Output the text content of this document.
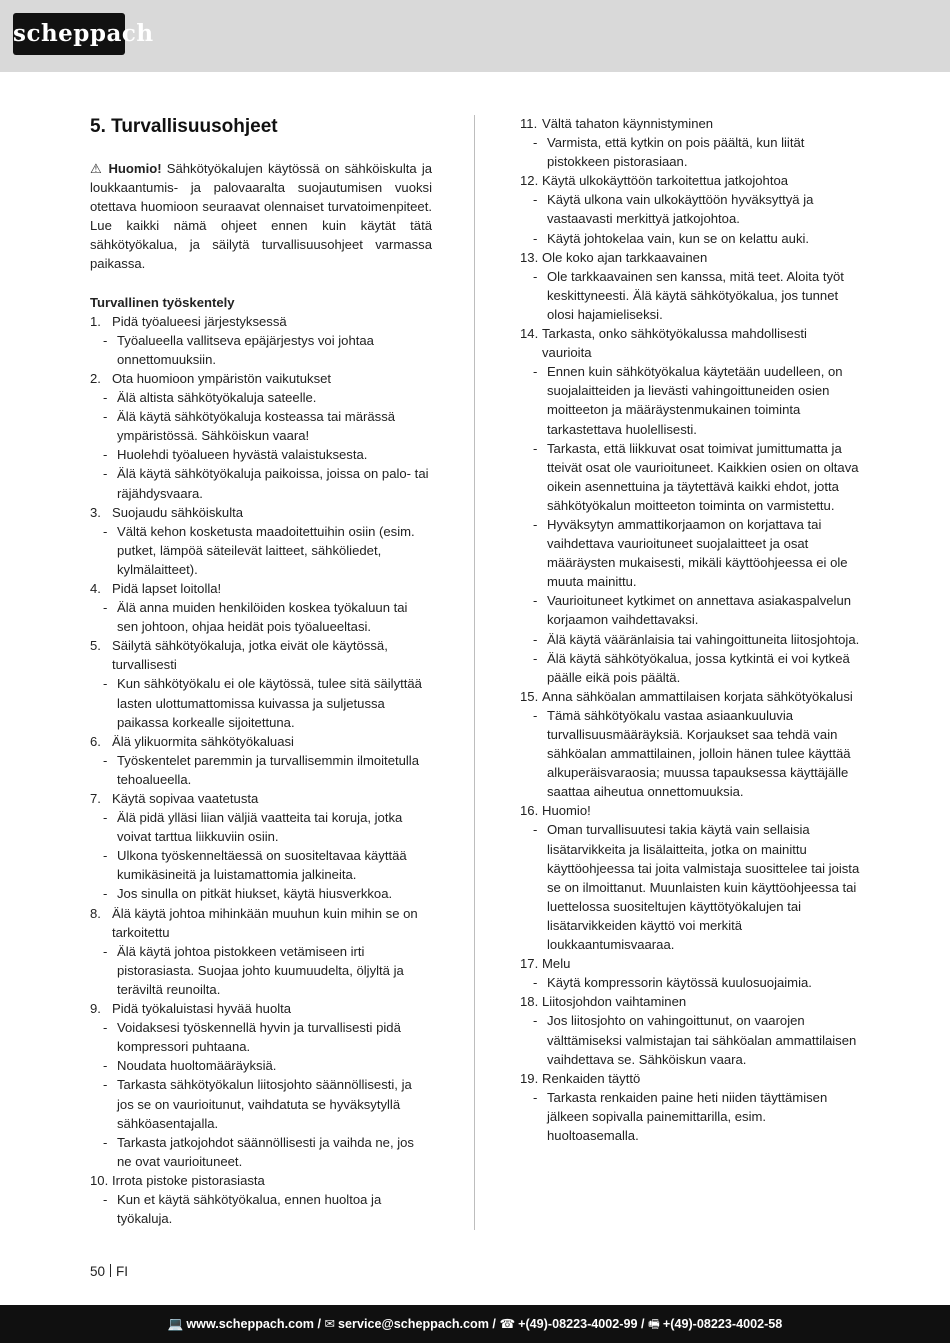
scheppach
5. Turvallisuusohjeet

⚠ Huomio! Sähkötyökalujen käytössä on sähköiskulta ja loukkaantumis- ja palovaaralta suojautumisen vuoksi otettava huomioon seuraavat olennaiset turvatoimenpiteet. Lue kaikki nämä ohjeet ennen kuin käytät tätä sähkötyökalua, ja säilytä turvallisuusohjeet varmassa paikassa.

Turvallinen työskentely

1. Pidä työalueesi järjestyksessä

- Työalueella vallitseva epäjärjestys voi johtaa onnettomuuksiin.

2. Ota huomioon ympäristön vaikutukset

- Älä altista sähkötyökaluja sateelle.

- Älä käytä sähkötyökaluja kosteassa tai märässä ympäristössä. Sähköiskun vaara!

- Huolehdi työalueen hyvästä valaistuksesta.

- Älä käytä sähkötyökaluja paikoissa, joissa on palo- tai räjähdysvaara.

3. Suojaudu sähköiskulta

- Vältä kehon kosketusta maadoitettuihin osiin (esim. putket, lämpöä säteilevät laitteet, sähköliedet, kylmälaitteet).

4. Pidä lapset loitolla!

- Älä anna muiden henkilöiden koskea työkaluun tai sen johtoon, ohjaa heidät pois työalueeltasi.

5. Säilytä sähkötyökaluja, jotka eivät ole käytössä, turvallisesti

- Kun sähkötyökalu ei ole käytössä, tulee sitä säilyttää lasten ulottumattomissa kuivassa ja suljetussa paikassa korkealle sijoitettuna.

6. Älä ylikuormita sähkötyökaluasi

- Työskentelet paremmin ja turvallisemmin ilmoitetulla tehoalueella.

7. Käytä sopivaa vaatetusta

- Älä pidä ylläsi liian väljiä vaatteita tai koruja, jotka voivat tarttua liikkuviin osiin.

- Ulkona työskenneltäessä on suositeltavaa käyttää kumikäsineitä ja luistamattomia jalkineita.

- Jos sinulla on pitkät hiukset, käytä hiusverkkoa.

8. Älä käytä johtoa mihinkään muuhun kuin mihin se on tarkoitettu

- Älä käytä johtoa pistokkeen vetämiseen irti pistorasiasta. Suojaa johto kuumuudelta, öljyltä ja teräviltä reunoilta.

9. Pidä työkaluistasi hyvää huolta

- Voidaksesi työskennellä hyvin ja turvallisesti pidä kompressori puhtaana.

- Noudata huoltomääräyksiä.

- Tarkasta sähkötyökalun liitosjohto säännöllisesti, ja jos se on vaurioitunut, vaihdatuta se hyväksytyllä sähköasentajalla.

- Tarkasta jatkojohdot säännöllisesti ja vaihda ne, jos ne ovat vaurioituneet.

10. Irrota pistoke pistorasiasta

- Kun et käytä sähkötyökalua, ennen huoltoa ja työkaluja.

11. Vältä tahaton käynnistyminen

- Varmista, että kytkin on pois päältä, kun liität pistokkeen pistorasiaan.

12. Käytä ulkokäyttöön tarkoitettua jatkojohtoa

- Käytä ulkona vain ulkokäyttöön hyväksyttyä ja vastaavasti merkittyä jatkojohtoa.

- Käytä johtokelaa vain, kun se on kelattu auki.

13. Ole koko ajan tarkkaavainen

- Ole tarkkaavainen sen kanssa, mitä teet. Aloita työt keskittyneesti. Älä käytä sähkötyökalua, jos tunnet olosi hajamieliseksi.

14. Tarkasta, onko sähkötyökalussa mahdollisesti vaurioita

- Ennen kuin sähkötyökalua käytetään uudelleen, on suojalaitteiden ja lievästi vahingoittuneiden osien moitteeton ja määräystenmukainen toiminta tarkastettava huolellisesti.

- Tarkasta, että liikkuvat osat toimivat jumittumatta ja tteivät osat ole vaurioituneet. Kaikkien osien on oltava oikein asennettuina ja täytettävä kaikki ehdot, jotta sähkötyökalun moitteeton toiminta on varmistettu.

- Hyväksytyn ammattikorjaamon on korjattava tai vaihdettava vaurioituneet suojalaitteet ja osat määräysten mukaisesti, mikäli käyttöohjeessa ei ole muuta mainittu.

- Vaurioituneet kytkimet on annettava asiakaspalvelun korjaamon vaihdettavaksi.

- Älä käytä vääränlaisia tai vahingoittuneita liitosjohtoja.

- Älä käytä sähkötyökalua, jossa kytkintä ei voi kytkeä päälle eikä pois päältä.

15. Anna sähköalan ammattilaisen korjata sähkötyökalusi

- Tämä sähkötyökalu vastaa asiaankuuluvia turvallisuusmääräyksiä. Korjaukset saa tehdä vain sähköalan ammattilainen, jolloin hänen tulee käyttää alkuperäisvaraosia; muussa tapauksessa käyttäjälle saattaa aiheutua onnettomuuksia.

16. Huomio!

- Oman turvallisuutesi takia käytä vain sellaisia lisätarvikkeita ja lisälaitteita, jotka on mainittu käyttöohjeessa tai joita valmistaja suosittelee tai joista se on ilmoittanut. Muunlaisten kuin käyttöohjeessa tai luettelossa suositeltujen käyttötyökalujen tai lisätarvikkeiden käyttö voi merkitä loukkaantumisvaaraa.

17. Melu

- Käytä kompressorin käytössä kuulosuojaimia.

18. Liitosjohdon vaihtaminen

- Jos liitosjohto on vahingoittunut, on vaarojen välttämiseksi valmistajan tai sähköalan ammattilaisen vaihdettava se. Sähköiskun vaara.

19. Renkaiden täyttö

- Tarkasta renkaiden paine heti niiden täyttämisen jälkeen sopivalla painemittarilla, esim. huoltoasemalla.

50 FI
💻 www.scheppach.com / ✉ service@scheppach.com / ☎ +(49)-08223-4002-99 / 🖷 +(49)-08223-4002-58
